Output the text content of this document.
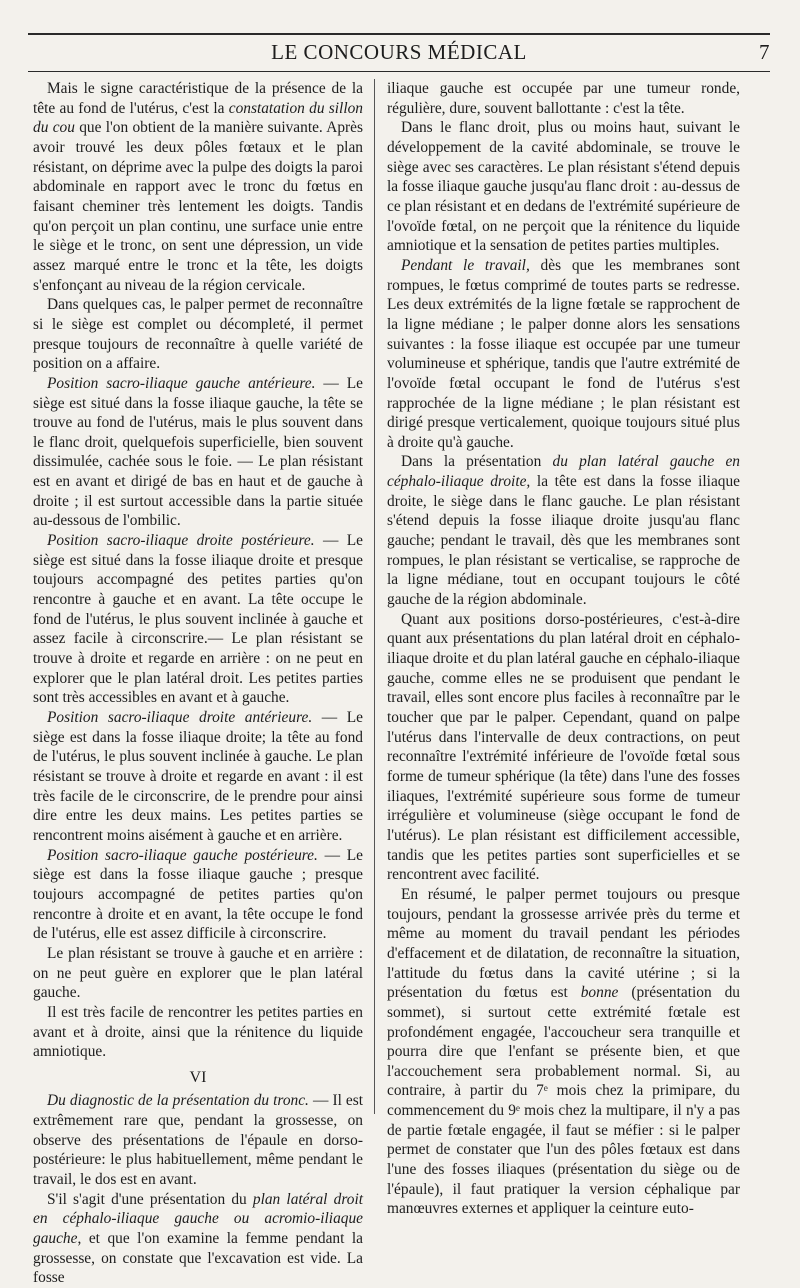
LE CONCOURS MÉDICAL	7

Mais le signe caractéristique de la présence de la tête au fond de l'utérus, c'est la constatation du sillon du cou que l'on obtient de la manière suivante. Après avoir trouvé les deux pôles fœtaux et le plan résistant, on déprime avec la pulpe des doigts la paroi abdominale en rapport avec le tronc du fœtus en faisant cheminer très lentement les doigts. Tandis qu'on perçoit un plan continu, une surface unie entre le siège et le tronc, on sent une dépression, un vide assez marqué entre le tronc et la tête, les doigts s'enfonçant au niveau de la région cervicale.

Dans quelques cas, le palper permet de reconnaître si le siège est complet ou décompleté, il permet presque toujours de reconnaître à quelle variété de position on a affaire.

Position sacro-iliaque gauche antérieure. — Le siège est situé dans la fosse iliaque gauche, la tête se trouve au fond de l'utérus, mais le plus souvent dans le flanc droit, quelquefois superficielle, bien souvent dissimulée, cachée sous le foie. — Le plan résistant est en avant et dirigé de bas en haut et de gauche à droite ; il est surtout accessible dans la partie située au-dessous de l'ombilic.

Position sacro-iliaque droite postérieure. — Le siège est situé dans la fosse iliaque droite et presque toujours accompagné des petites parties qu'on rencontre à gauche et en avant. La tête occupe le fond de l'utérus, le plus souvent inclinée à gauche et assez facile à circonscrire.— Le plan résistant se trouve à droite et regarde en arrière : on ne peut en explorer que le plan latéral droit. Les petites parties sont très accessibles en avant et à gauche.

Position sacro-iliaque droite antérieure. — Le siège est dans la fosse iliaque droite; la tête au fond de l'utérus, le plus souvent inclinée à gauche. Le plan résistant se trouve à droite et regarde en avant : il est très facile de le circonscrire, de le prendre pour ainsi dire entre les deux mains. Les petites parties se rencontrent moins aisément à gauche et en arrière.

Position sacro-iliaque gauche postérieure. — Le siège est dans la fosse iliaque gauche ; presque toujours accompagné de petites parties qu'on rencontre à droite et en avant, la tête occupe le fond de l'utérus, elle est assez difficile à circonscrire.

Le plan résistant se trouve à gauche et en arrière : on ne peut guère en explorer que le plan latéral gauche.

Il est très facile de rencontrer les petites parties en avant et à droite, ainsi que la rénitence du liquide amniotique.

VI

Du diagnostic de la présentation du tronc. — Il est extrêmement rare que, pendant la grossesse, on observe des présentations de l'épaule en dorso-postérieure: le plus habituellement, même pendant le travail, le dos est en avant.

S'il s'agit d'une présentation du plan latéral droit en céphalo-iliaque gauche ou acromio-iliaque gauche, et que l'on examine la femme pendant la grossesse, on constate que l'excavation est vide. La fosse

iliaque gauche est occupée par une tumeur ronde, régulière, dure, souvent ballottante : c'est la tête.

Dans le flanc droit, plus ou moins haut, suivant le développement de la cavité abdominale, se trouve le siège avec ses caractères. Le plan résistant s'étend depuis la fosse iliaque gauche jusqu'au flanc droit : au-dessus de ce plan résistant et en dedans de l'extrémité supérieure de l'ovoïde fœtal, on ne perçoit que la rénitence du liquide amniotique et la sensation de petites parties multiples.

Pendant le travail, dès que les membranes sont rompues, le fœtus comprimé de toutes parts se redresse. Les deux extrémités de la ligne fœtale se rapprochent de la ligne médiane ; le palper donne alors les sensations suivantes : la fosse iliaque est occupée par une tumeur volumineuse et sphérique, tandis que l'autre extrémité de l'ovoïde fœtal occupant le fond de l'utérus s'est rapprochée de la ligne médiane ; le plan résistant est dirigé presque verticalement, quoique toujours situé plus à droite qu'à gauche.

Dans la présentation du plan latéral gauche en céphalo-iliaque droite, la tête est dans la fosse iliaque droite, le siège dans le flanc gauche. Le plan résistant s'étend depuis la fosse iliaque droite jusqu'au flanc gauche; pendant le travail, dès que les membranes sont rompues, le plan résistant se verticalise, se rapproche de la ligne médiane, tout en occupant toujours le côté gauche de la région abdominale.

Quant aux positions dorso-postérieures, c'est-à-dire quant aux présentations du plan latéral droit en céphalo-iliaque droite et du plan latéral gauche en céphalo-iliaque gauche, comme elles ne se produisent que pendant le travail, elles sont encore plus faciles à reconnaître par le toucher que par le palper. Cependant, quand on palpe l'utérus dans l'intervalle de deux contractions, on peut reconnaître l'extrémité inférieure de l'ovoïde fœtal sous forme de tumeur sphérique (la tête) dans l'une des fosses iliaques, l'extrémité supérieure sous forme de tumeur irrégulière et volumineuse (siège occupant le fond de l'utérus). Le plan résistant est difficilement accessible, tandis que les petites parties sont superficielles et se rencontrent avec facilité.

En résumé, le palper permet toujours ou presque toujours, pendant la grossesse arrivée près du terme et même au moment du travail pendant les périodes d'effacement et de dilatation, de reconnaître la situation, l'attitude du fœtus dans la cavité utérine ; si la présentation du fœtus est bonne (présentation du sommet), si surtout cette extrémité fœtale est profondément engagée, l'accoucheur sera tranquille et pourra dire que l'enfant se présente bien, et que l'accouchement sera probablement normal. Si, au contraire, à partir du 7ᵉ mois chez la primipare, du commencement du 9ᵉ mois chez la multipare, il n'y a pas de partie fœtale engagée, il faut se méfier : si le palper permet de constater que l'un des pôles fœtaux est dans l'une des fosses iliaques (présentation du siège ou de l'épaule), il faut pratiquer la version céphalique par manœuvres externes et appliquer la ceinture euto-
